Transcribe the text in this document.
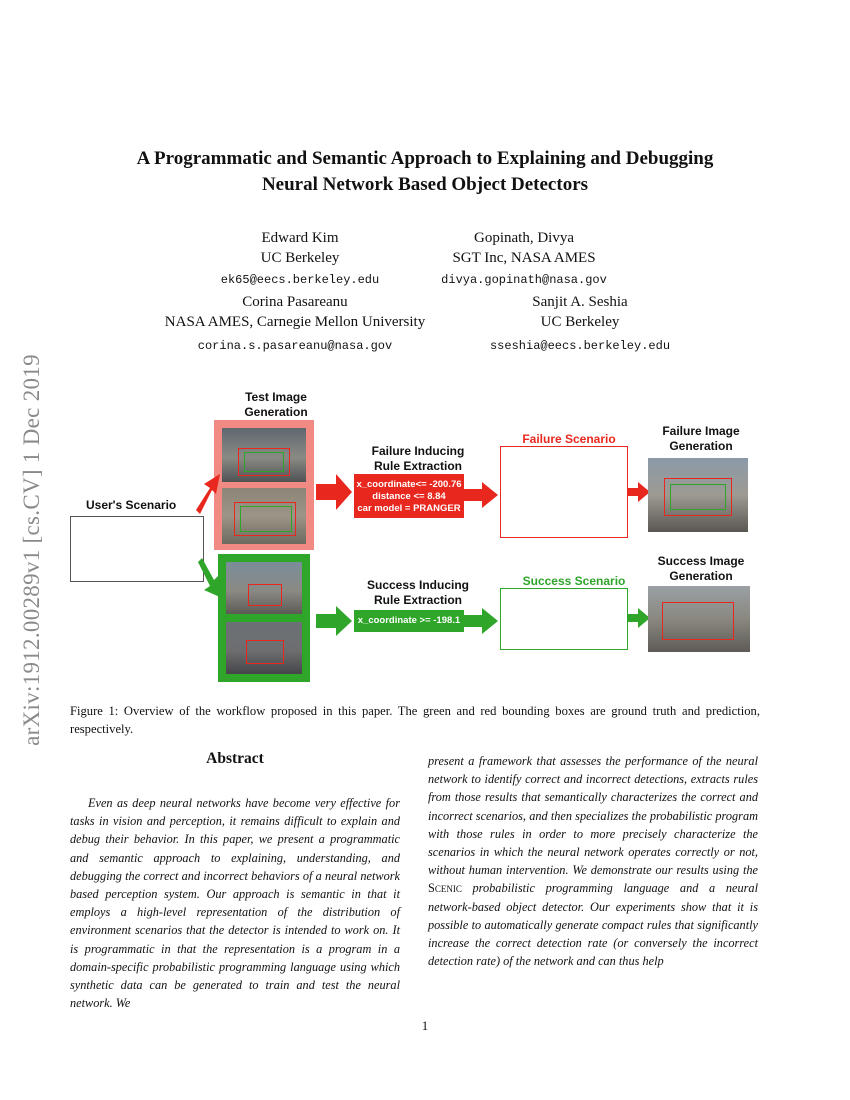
arXiv:1912.00289v1 [cs.CV] 1 Dec 2019
A Programmatic and Semantic Approach to Explaining and Debugging
Neural Network Based Object Detectors
Edward Kim
UC Berkeley
ek65@eecs.berkeley.edu
Gopinath, Divya
SGT Inc, NASA AMES
divya.gopinath@nasa.gov
Corina Pasareanu
NASA AMES, Carnegie Mellon University
corina.s.pasareanu@nasa.gov
Sanjit A. Seshia
UC Berkeley
sseshia@eecs.berkeley.edu
Test Image Generation
User's Scenario
Failure Inducing Rule Extraction
x_coordinate<= -200.76
distance <= 8.84
car model = PRANGER
Failure Scenario
Failure Image Generation
Success Inducing Rule Extraction
x_coordinate >= -198.1
Success Scenario
Success Image Generation
Figure 1: Overview of the workflow proposed in this paper. The green and red bounding boxes are ground truth and prediction, respectively.
Abstract

Even as deep neural networks have become very effective for tasks in vision and perception, it remains difficult to explain and debug their behavior. In this paper, we present a programmatic and semantic approach to explaining, understanding, and debugging the correct and incorrect behaviors of a neural network based perception system. Our approach is semantic in that it employs a high-level representation of the distribution of environment scenarios that the detector is intended to work on. It is programmatic in that the representation is a program in a domain-specific probabilistic programming language using which synthetic data can be generated to train and test the neural network. We

present a framework that assesses the performance of the neural network to identify correct and incorrect detections, extracts rules from those results that semantically characterizes the correct and incorrect scenarios, and then specializes the probabilistic program with those rules in order to more precisely characterize the scenarios in which the neural network operates correctly or not, without human intervention. We demonstrate our results using the Scenic probabilistic programming language and a neural network-based object detector. Our experiments show that it is possible to automatically generate compact rules that significantly increase the correct detection rate (or conversely the incorrect detection rate) of the network and can thus help

1
